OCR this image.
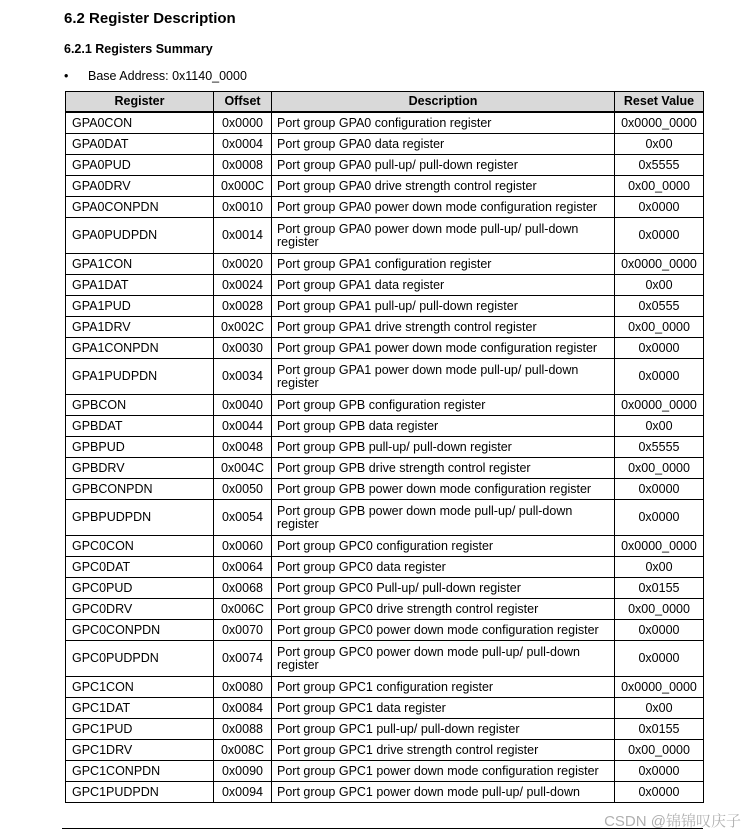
6.2 Register Description
6.2.1 Registers Summary
• Base Address: 0x1140_0000
Register	Offset	Description	Reset Value
GPA0CON	0x0000	Port group GPA0 configuration register	0x0000_0000
GPA0DAT	0x0004	Port group GPA0 data register	0x00
GPA0PUD	0x0008	Port group GPA0 pull-up/ pull-down register	0x5555
GPA0DRV	0x000C	Port group GPA0 drive strength control register	0x00_0000
GPA0CONPDN	0x0010	Port group GPA0 power down mode configuration register	0x0000
GPA0PUDPDN	0x0014	Port group GPA0 power down mode pull-up/ pull-down register	0x0000
GPA1CON	0x0020	Port group GPA1 configuration register	0x0000_0000
GPA1DAT	0x0024	Port group GPA1 data register	0x00
GPA1PUD	0x0028	Port group GPA1 pull-up/ pull-down register	0x0555
GPA1DRV	0x002C	Port group GPA1 drive strength control register	0x00_0000
GPA1CONPDN	0x0030	Port group GPA1 power down mode configuration register	0x0000
GPA1PUDPDN	0x0034	Port group GPA1 power down mode pull-up/ pull-down register	0x0000
GPBCON	0x0040	Port group GPB configuration register	0x0000_0000
GPBDAT	0x0044	Port group GPB data register	0x00
GPBPUD	0x0048	Port group GPB pull-up/ pull-down register	0x5555
GPBDRV	0x004C	Port group GPB drive strength control register	0x00_0000
GPBCONPDN	0x0050	Port group GPB power down mode configuration register	0x0000
GPBPUDPDN	0x0054	Port group GPB power down mode pull-up/ pull-down register	0x0000
GPC0CON	0x0060	Port group GPC0 configuration register	0x0000_0000
GPC0DAT	0x0064	Port group GPC0 data register	0x00
GPC0PUD	0x0068	Port group GPC0 Pull-up/ pull-down register	0x0155
GPC0DRV	0x006C	Port group GPC0 drive strength control register	0x00_0000
GPC0CONPDN	0x0070	Port group GPC0 power down mode configuration register	0x0000
GPC0PUDPDN	0x0074	Port group GPC0 power down mode pull-up/ pull-down register	0x0000
GPC1CON	0x0080	Port group GPC1 configuration register	0x0000_0000
GPC1DAT	0x0084	Port group GPC1 data register	0x00
GPC1PUD	0x0088	Port group GPC1 pull-up/ pull-down register	0x0155
GPC1DRV	0x008C	Port group GPC1 drive strength control register	0x00_0000
GPC1CONPDN	0x0090	Port group GPC1 power down mode configuration register	0x0000
GPC1PUDPDN	0x0094	Port group GPC1 power down mode pull-up/ pull-down	0x0000
CSDN @锦锦叹庆子
